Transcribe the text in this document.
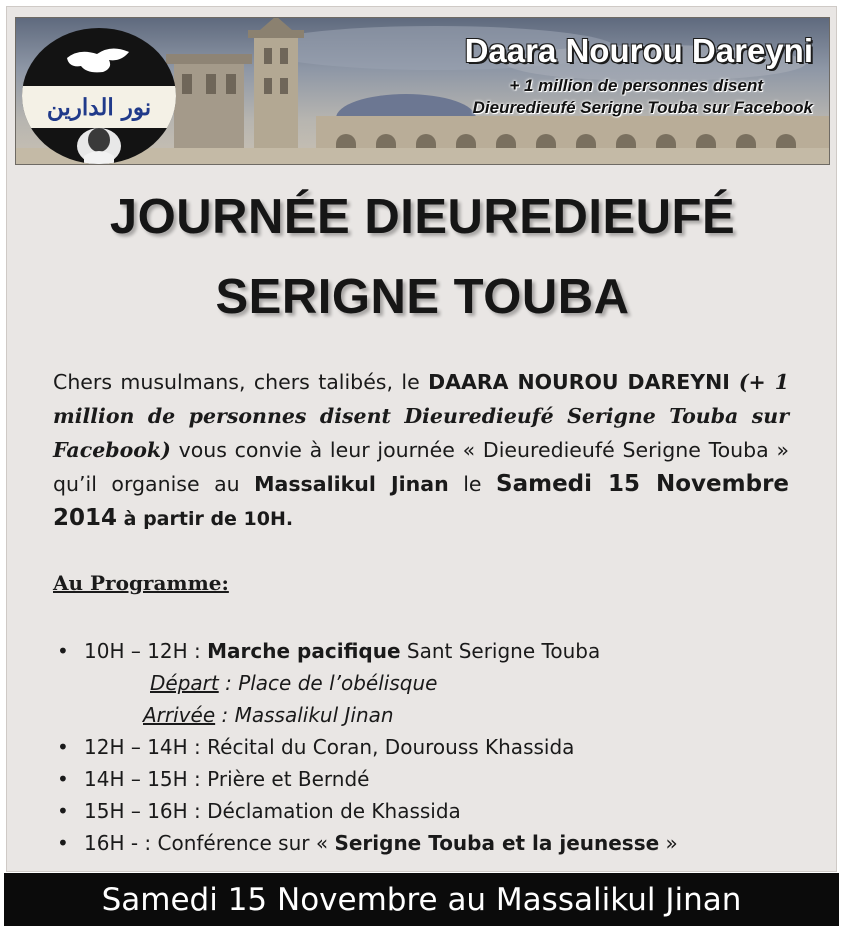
نور الدارين
Daara Nourou Dareyni
+ 1 million de personnes disent
Dieuredieufé Serigne Touba sur Facebook
JOURNÉE DIEUREDIEUFÉ
SERIGNE TOUBA
Chers musulmans, chers talibés, le DAARA NOUROU DAREYNI (+ 1 million de personnes disent Dieuredieufé Serigne Touba sur Facebook) vous convie à leur journée « Dieuredieufé Serigne Touba » qu’il organise au Massalikul Jinan le Samedi 15 Novembre 2014 à partir de 10H.
Au Programme:
• 10H – 12H : Marche pacifique Sant Serigne Touba
Départ : Place de l’obélisque
Arrivée : Massalikul Jinan
• 12H – 14H : Récital du Coran, Dourouss Khassida
• 14H – 15H : Prière et Berndé
• 15H – 16H : Déclamation de Khassida
• 16H - : Conférence sur « Serigne Touba et la jeunesse »
Samedi 15 Novembre au Massalikul Jinan
